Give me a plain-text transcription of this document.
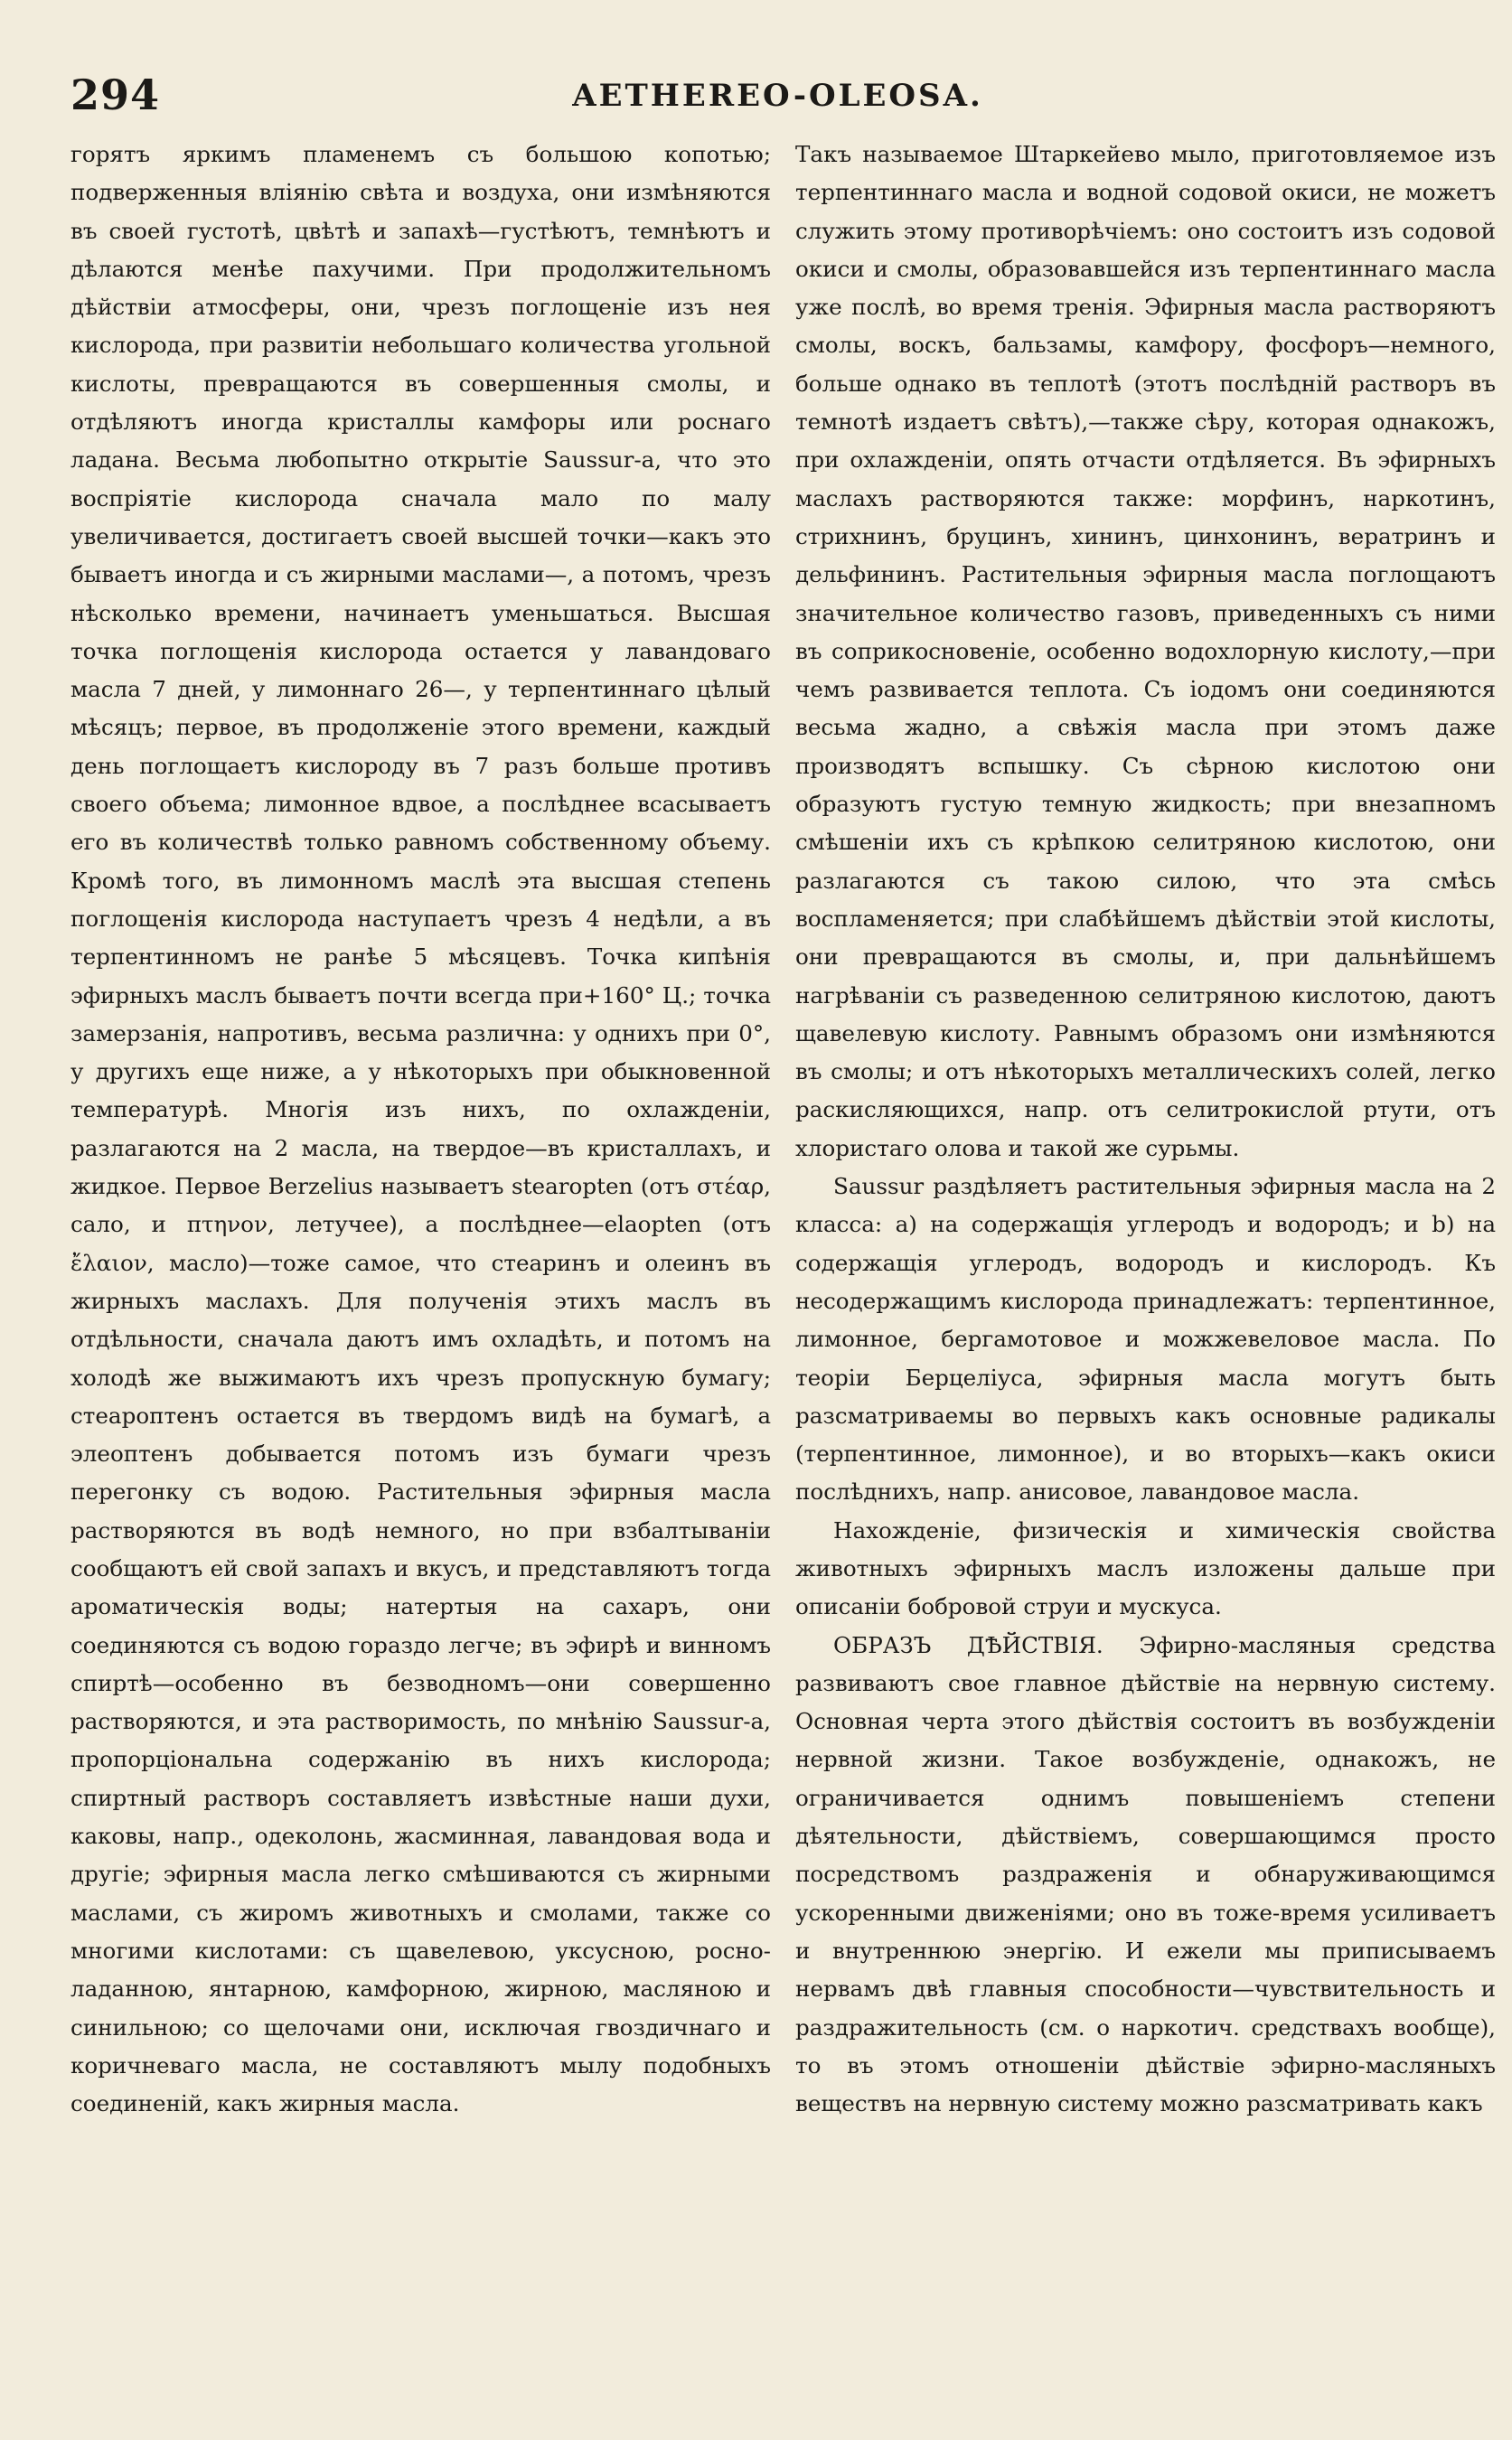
294	AETHEREO-OLEOSA.

горятъ яркимъ пламенемъ съ большою копотью; подверженныя влiянiю свѣта и воздуха, они измѣняются въ своей густотѣ, цвѣтѣ и запахѣ—густѣютъ, темнѣютъ и дѣлаются менѣе пахучими. При продолжительномъ дѣйствiи атмосферы, они, чрезъ поглощенiе изъ нея кислорода, при развитiи небольшаго количества угольной кислоты, превращаются въ совершенныя смолы, и отдѣляютъ иногда кристаллы камфоры или роснаго ладана. Весьма любопытно открытiе Saussur-а, что это воспрiятiе кислорода сначала мало по малу увеличивается, достигаетъ своей высшей точки—какъ это бываетъ иногда и съ жирными маслами—, а потомъ, чрезъ нѣсколько времени, начинаетъ уменьшаться. Высшая точка поглощенiя кислорода остается у лавандоваго масла 7 дней, у лимоннаго 26—, у терпентиннаго цѣлый мѣсяцъ; первое, въ продолженiе этого времени, каждый день поглощаетъ кислороду въ 7 разъ больше противъ своего объема; лимонное вдвое, а послѣднее всасываетъ его въ количествѣ только равномъ собственному объему. Кромѣ того, въ лимонномъ маслѣ эта высшая степень поглощенiя кислорода наступаетъ чрезъ 4 недѣли, а въ терпентинномъ не ранѣе 5 мѣсяцевъ. Точка кипѣнiя эфирныхъ маслъ бываетъ почти всегда при+160° Ц.; точка замерзанiя, напротивъ, весьма различна: у однихъ при 0°, у другихъ еще ниже, а у нѣкоторыхъ при обыкновенной температурѣ. Многiя изъ нихъ, по охлажденiи, разлагаются на 2 масла, на твердое—въ кристаллахъ, и жидкое. Первое Berzelius называетъ stearopten (отъ στέαρ, сало, и πτηνον, летучее), а послѣднее—elaopten (отъ ἔλαιον, масло)—тоже самое, что стеаринъ и олеинъ въ жирныхъ маслахъ. Для полученiя этихъ маслъ въ отдѣльности, сначала даютъ имъ охладѣть, и потомъ на холодѣ же выжимаютъ ихъ чрезъ пропускную бумагу; стеароптенъ остается въ твердомъ видѣ на бумагѣ, а элеоптенъ добывается потомъ изъ бумаги чрезъ перегонку съ водою. Растительныя эфирныя масла растворяются въ водѣ немного, но при взбалтыванiи сообщаютъ ей свой запахъ и вкусъ, и представляютъ тогда ароматическiя воды; натертыя на сахаръ, они соединяются съ водою гораздо легче; въ эфирѣ и винномъ спиртѣ—особенно въ безводномъ—они совершенно растворяются, и эта растворимость, по мнѣнiю Saussur-а, пропорцiональна содержанiю въ нихъ кислорода; спиртный растворъ составляетъ извѣстные наши духи, каковы, напр., одеколонь, жасминная, лавандовая вода и другiе; эфирныя масла легко смѣшиваются съ жирными маслами, съ жиромъ животныхъ и смолами, также со многими кислотами: съ щавелевою, уксусною, росно-ладанною, янтарною, камфорною, жирною, масляною и синильною; со щелочами они, исключая гвоздичнаго и коричневаго масла, не составляютъ мылу подобныхъ соединенiй, какъ жирныя масла.

Такъ называемое Штаркейево мыло, приготовляемое изъ терпентиннаго масла и водной содовой окиси, не можетъ служить этому противорѣчiемъ: оно состоитъ изъ содовой окиси и смолы, образовавшейся изъ терпентиннаго масла уже послѣ, во время тренiя. Эфирныя масла растворяютъ смолы, воскъ, бальзамы, камфору, фосфоръ—немного, больше однако въ теплотѣ (этотъ послѣднiй растворъ въ темнотѣ издаетъ свѣтъ),—также сѣру, которая однакожъ, при охлажденiи, опять отчасти отдѣляется. Въ эфирныхъ маслахъ растворяются также: морфинъ, наркотинъ, стрихнинъ, бруцинъ, хининъ, цинхонинъ, вератринъ и дельфининъ. Растительныя эфирныя масла поглощаютъ значительное количество газовъ, приведенныхъ съ ними въ соприкосновенiе, особенно водохлорную кислоту,—при чемъ развивается теплота. Съ iодомъ они соединяются весьма жадно, а свѣжiя масла при этомъ даже производятъ вспышку. Съ сѣрною кислотою они образуютъ густую темную жидкость; при внезапномъ смѣшенiи ихъ съ крѣпкою селитряною кислотою, они разлагаются съ такою силою, что эта смѣсь воспламеняется; при слабѣйшемъ дѣйствiи этой кислоты, они превращаются въ смолы, и, при дальнѣйшемъ нагрѣванiи съ разведенною селитряною кислотою, даютъ щавелевую кислоту. Равнымъ образомъ они измѣняются въ смолы; и отъ нѣкоторыхъ металлическихъ солей, легко раскисляющихся, напр. отъ селитрокислой ртути, отъ хлористаго олова и такой же сурьмы.

Saussur раздѣляетъ растительныя эфирныя масла на 2 класса: a) на содержащiя углеродъ и водородъ; и b) на содержащiя углеродъ, водородъ и кислородъ. Къ несодержащимъ кислорода принадлежатъ: терпентинное, лимонное, бергамотовое и можжевеловое масла. По теорiи Берцелiуса, эфирныя масла могутъ быть разсматриваемы во первыхъ какъ основные радикалы (терпентинное, лимонное), и во вторыхъ—какъ окиси послѣднихъ, напр. анисовое, лавандовое масла.

Нахожденiе, физическiя и химическiя свойства животныхъ эфирныхъ маслъ изложены дальше при описанiи бобровой струи и мускуса.

ОБРАЗЪ ДѢЙСТВIЯ. Эфирно-масляныя средства развиваютъ свое главное дѣйствiе на нервную систему. Основная черта этого дѣйствiя состоитъ въ возбужденiи нервной жизни. Такое возбужденiе, однакожъ, не ограничивается однимъ повышенiемъ степени дѣятельности, дѣйствiемъ, совершающимся просто посредствомъ раздраженiя и обнаруживающимся ускоренными движенiями; оно въ тоже-время усиливаетъ и внутреннюю энергiю. И ежели мы приписываемъ нервамъ двѣ главныя способности—чувствительность и раздражительность (см. о наркотич. средствахъ вообще), то въ этомъ отношенiи дѣйствiе эфирно-масляныхъ веществъ на нервную систему можно разсматривать какъ
